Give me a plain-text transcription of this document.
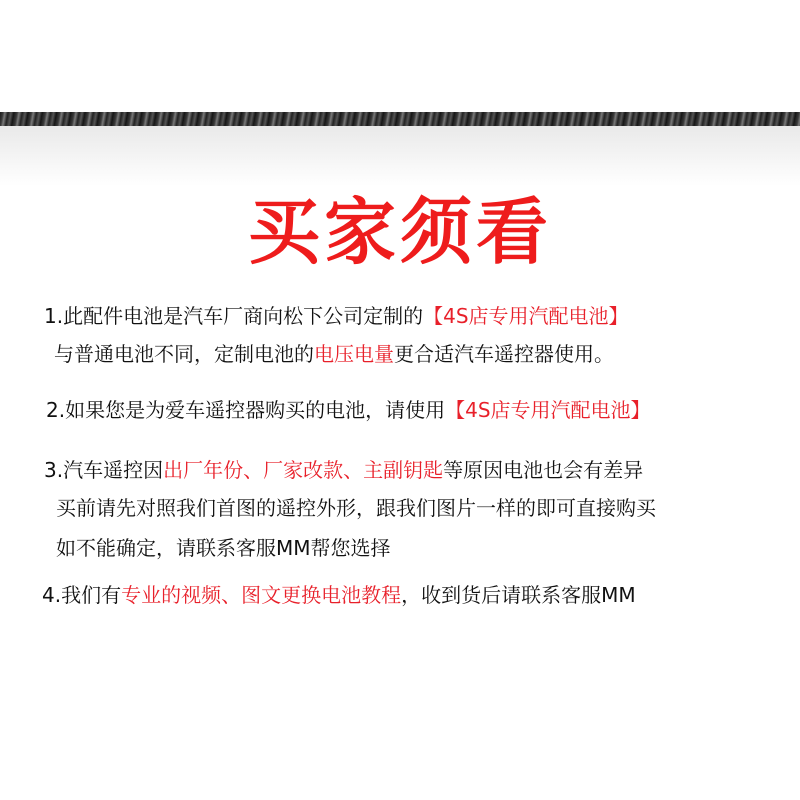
买家须看
1.此配件电池是汽车厂商向松下公司定制的【4S店专用汽配电池】
与普通电池不同，定制电池的电压电量更合适汽车遥控器使用。
2.如果您是为爱车遥控器购买的电池，请使用【4S店专用汽配电池】
3.汽车遥控因出厂年份、厂家改款、主副钥匙等原因电池也会有差异
买前请先对照我们首图的遥控外形，跟我们图片一样的即可直接购买
如不能确定，请联系客服MM帮您选择
4.我们有专业的视频、图文更换电池教程，收到货后请联系客服MM
